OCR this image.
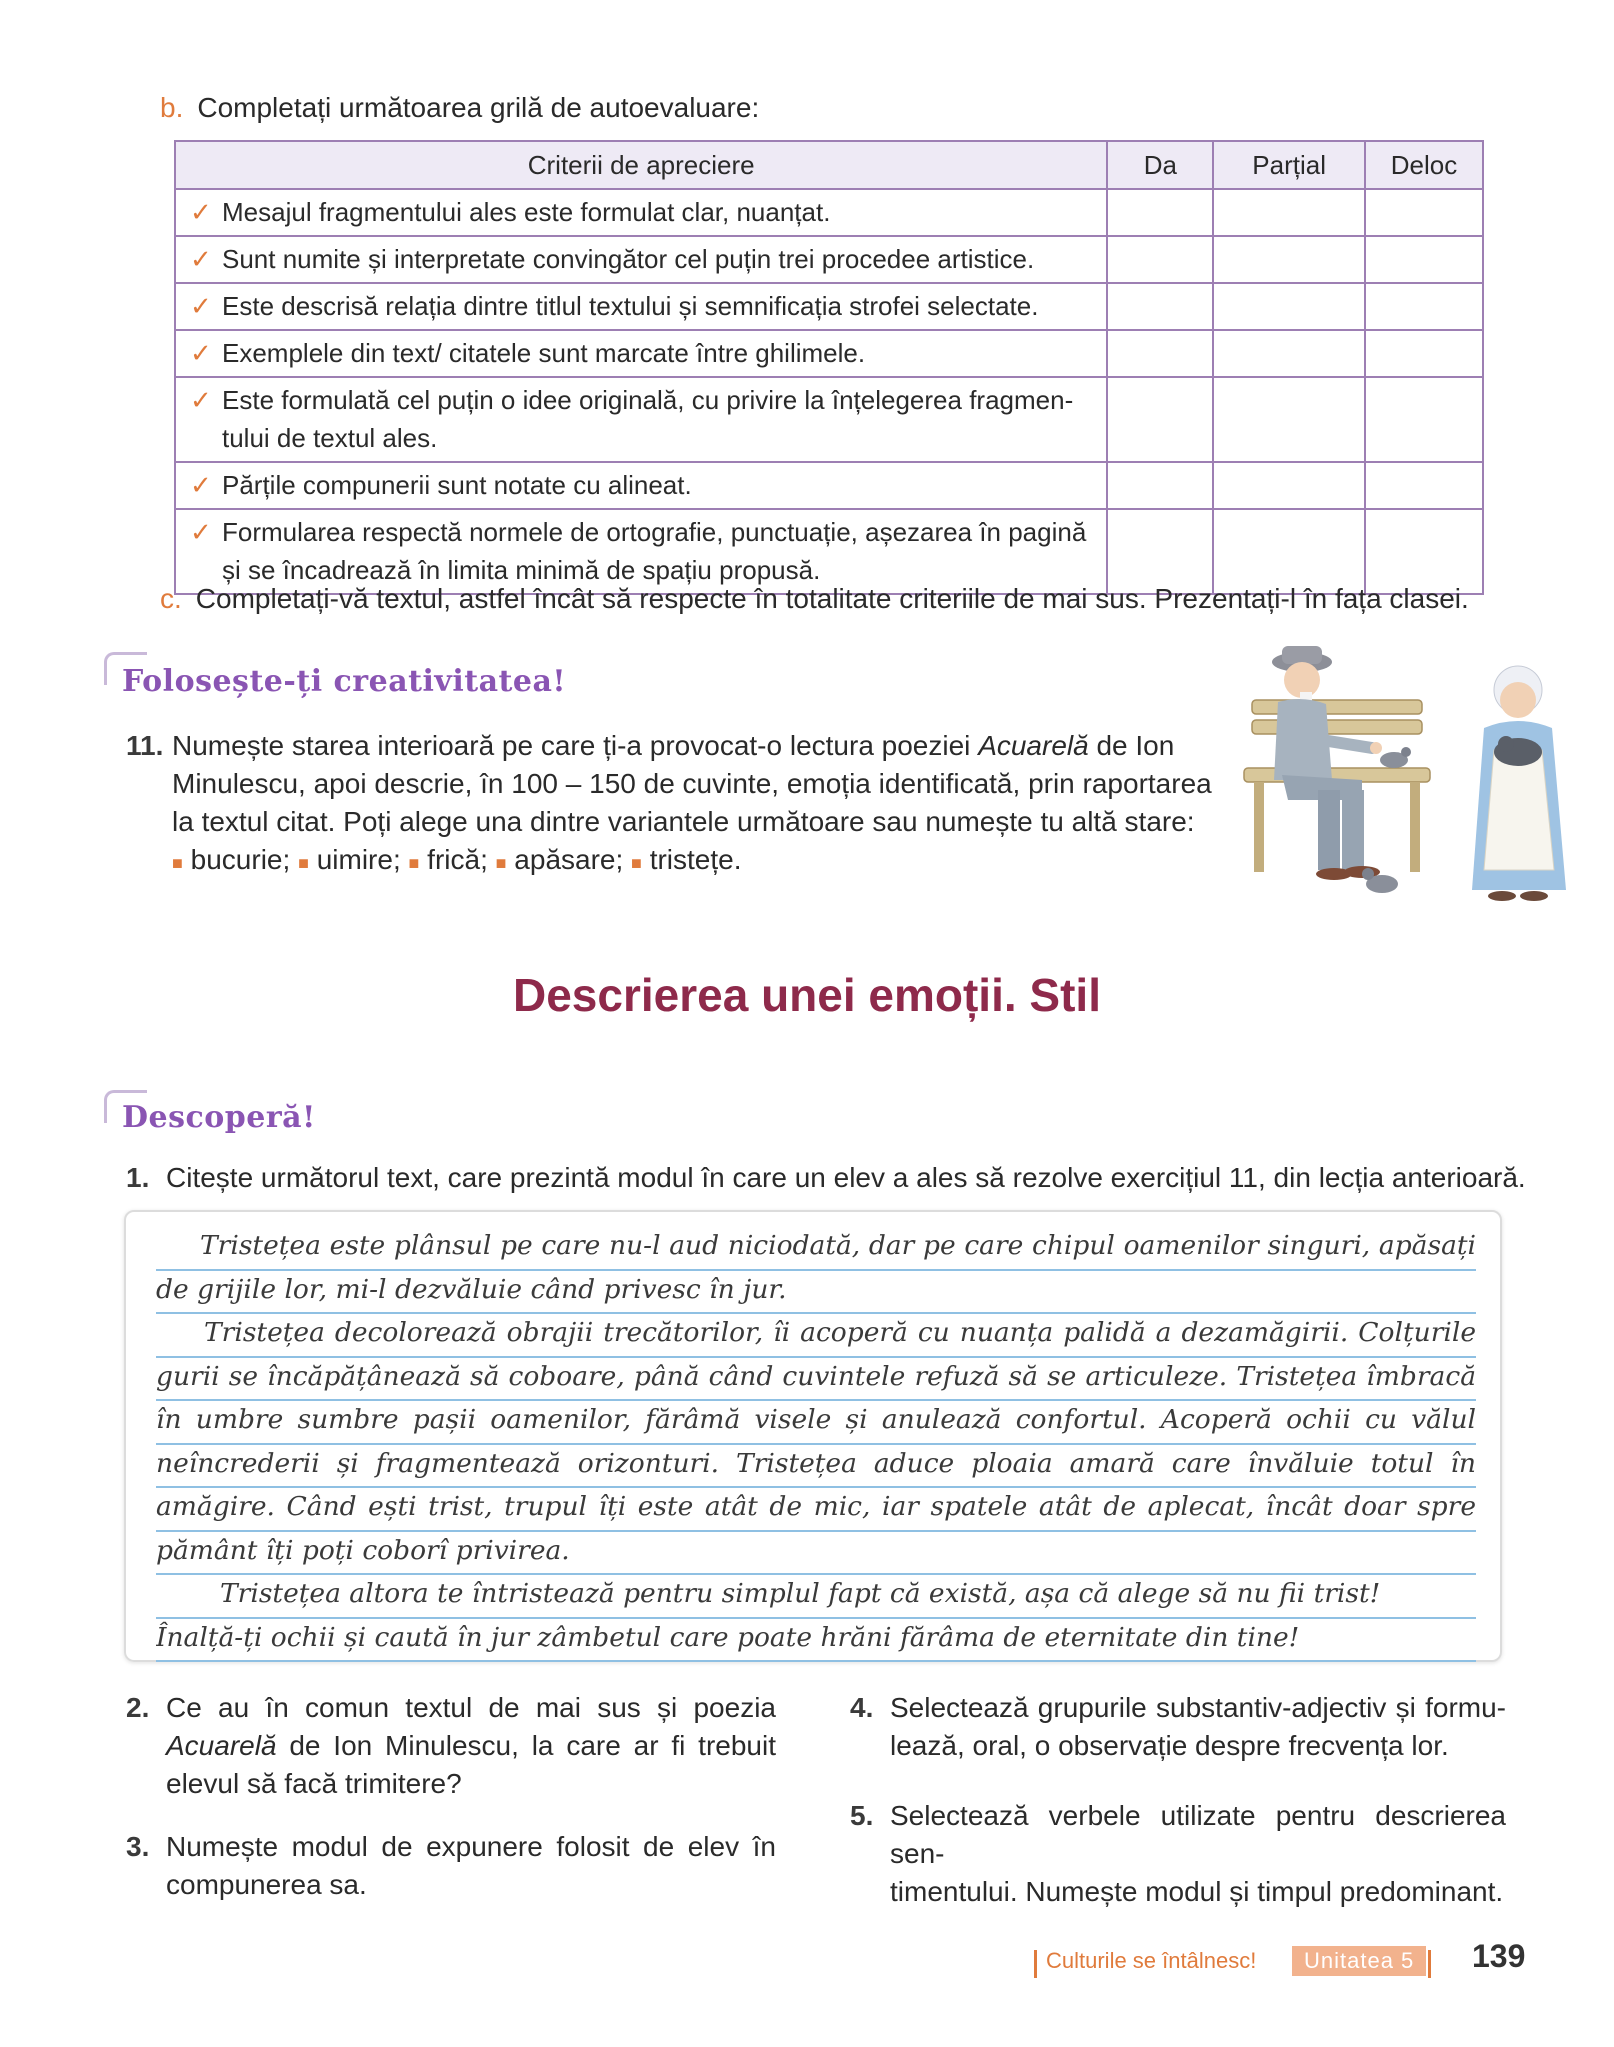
b. Completați următoarea grilă de autoevaluare:
Criterii de apreciere	Da	Parțial	Deloc
✓ Mesajul fragmentului ales este formulat clar, nuanțat.			
✓ Sunt numite și interpretate convingător cel puțin trei procedee artistice.			
✓ Este descrisă relația dintre titlul textului și semnificația strofei selectate.			
✓ Exemplele din text/ citatele sunt marcate între ghilimele.			
✓ Este formulată cel puțin o idee originală, cu privire la înțelegerea fragmen-
tului de textul ales.			

✓ Părțile compunerii sunt notate cu alineat.			
✓ Formularea respectă normele de ortografie, punctuație, așezarea în pagină
și se încadrează în limita minimă de spațiu propusă.			

c. Completați-vă textul, astfel încât să respecte în totalitate criteriile de mai sus. Prezentați-l în fața clasei.
Folosește-ți creativitatea!
11. Numește starea interioară pe care ți-a provocat-o lectura poeziei Acuarelă de Ion
Minulescu, apoi descrie, în 100 – 150 de cuvinte, emoția identificată, prin raportarea
la textul citat. Poți alege una dintre variantele următoare sau numește tu altă stare:
■ bucurie; ■ uimire; ■ frică; ■ apăsare; ■ tristețe.
Descrierea unei emoții. Stil
Descoperă!
1. Citește următorul text, care prezintă modul în care un elev a ales să rezolve exercițiul 11, din lecția anterioară.
Tristețea este plânsul pe care nu-l aud niciodată, dar pe care chipul oamenilor singuri, apăsați
de grijile lor, mi-l dezvăluie când privesc în jur.
Tristețea decolorează obrajii trecătorilor, îi acoperă cu nuanța palidă a dezamăgirii. Colțurile
gurii se încăpățânează să coboare, până când cuvintele refuză să se articuleze. Tristețea îmbracă
în umbre sumbre pașii oamenilor, fărâmă visele și anulează confortul. Acoperă ochii cu vălul
neîncrederii și fragmentează orizonturi. Tristețea aduce ploaia amară care învăluie totul în
amăgire. Când ești trist, trupul îți este atât de mic, iar spatele atât de aplecat, încât doar spre
pământ îți poți coborî privirea.
Tristețea altora te întristează pentru simplul fapt că există, așa că alege să nu fii trist!
Înalță-ți ochii și caută în jur zâmbetul care poate hrăni fărâma de eternitate din tine!
2. Ce au în comun textul de mai sus și poezia
Acuarelă de Ion Minulescu, la care ar fi trebuit
elevul să facă trimitere?
3. Numește modul de expunere folosit de elev în
compunerea sa.
4. Selectează grupurile substantiv-adjectiv și formu-
lează, oral, o observație despre frecvența lor.
5. Selectează verbele utilizate pentru descrierea sen-
timentului. Numește modul și timpul predominant.
Culturile se întâlnesc!	Unitatea 5	139
